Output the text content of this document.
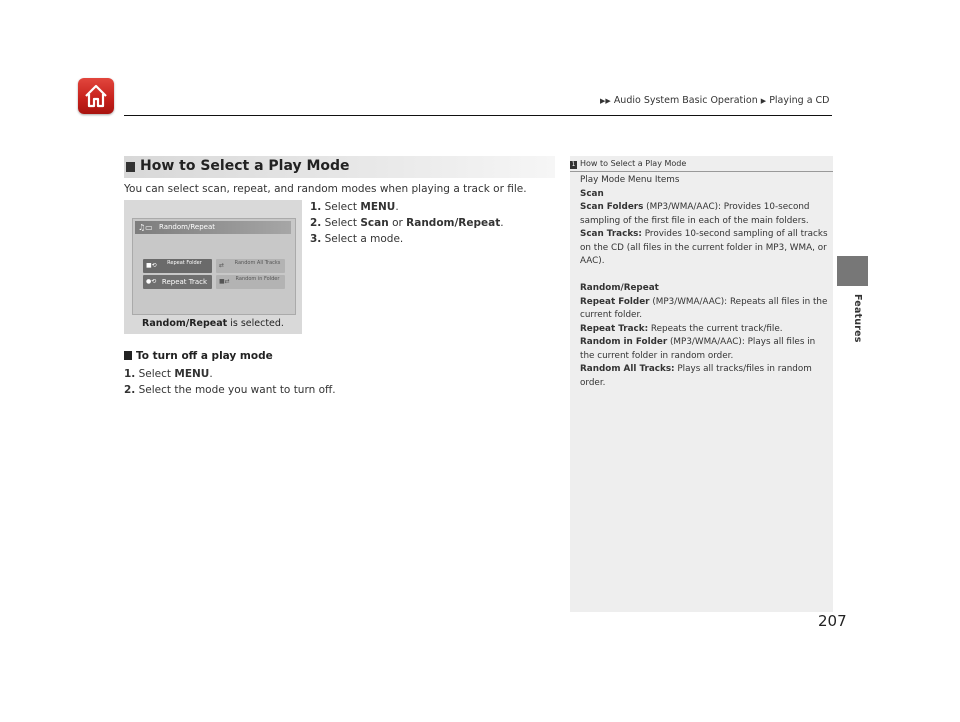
▶▶ Audio System Basic Operation ▶ Playing a CD
Features
How to Select a Play Mode
You can select scan, repeat, and random modes when playing a track or file.
1. Select MENU.
2. Select Scan or Random/Repeat.
3. Select a mode.
♫▭ Random/Repeat
■⟲	Repeat Folder	⇄	Random All Tracks
●⟲ Repeat Track	■⇄	Random in Folder
Random/Repeat is selected.
To turn off a play mode
1. Select MENU.
2. Select the mode you want to turn off.
1 How to Select a Play Mode

Play Mode Menu Items

Scan

Scan Folders (MP3/WMA/AAC): Provides 10-second sampling of the first file in each of the main folders.

Scan Tracks: Provides 10-second sampling of all tracks on the CD (all files in the current folder in MP3, WMA, or AAC).

Random/Repeat

Repeat Folder (MP3/WMA/AAC): Repeats all files in the current folder.

Repeat Track: Repeats the current track/file.

Random in Folder (MP3/WMA/AAC): Plays all files in the current folder in random order.

Random All Tracks: Plays all tracks/files in random order.

207
